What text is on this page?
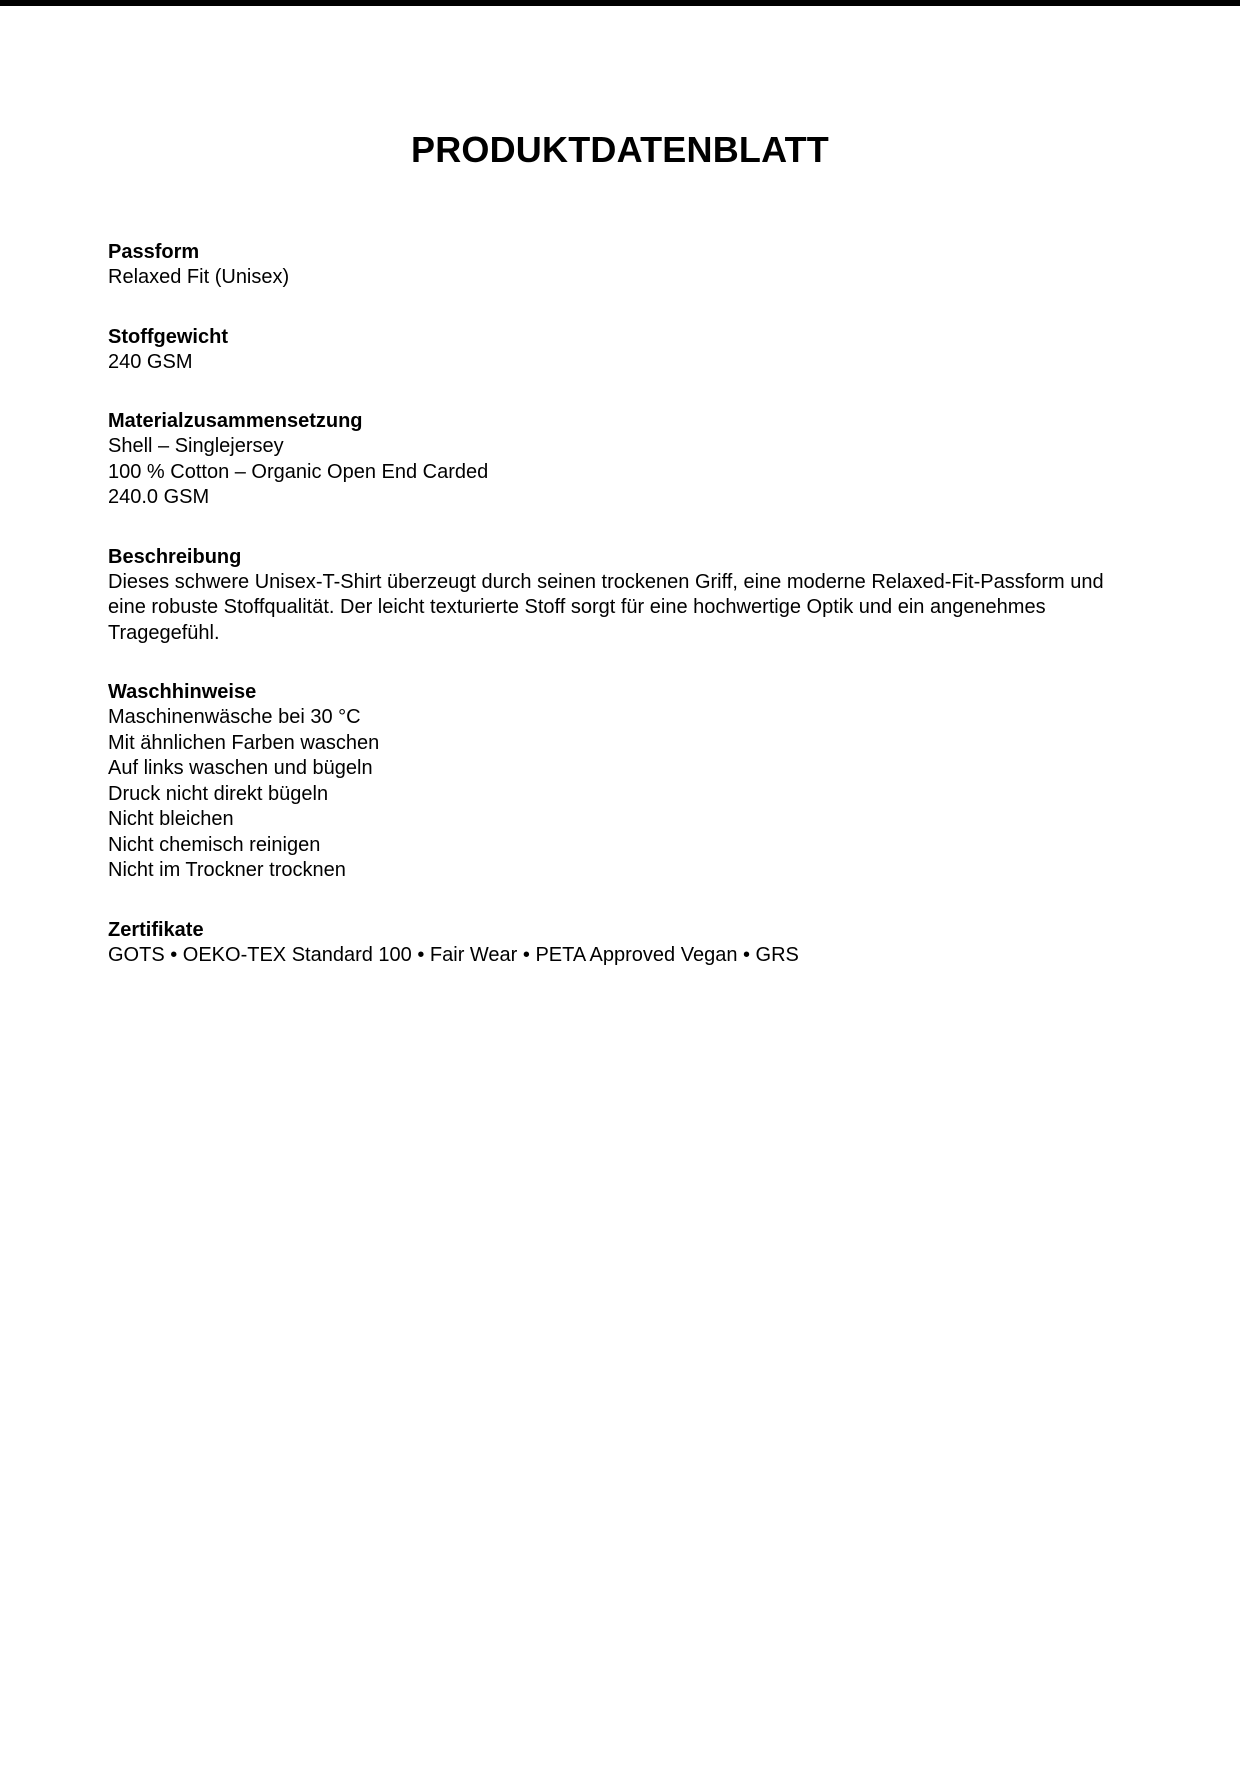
PRODUKTDATENBLATT

Passform

Relaxed Fit (Unisex)

Stoffgewicht

240 GSM

Materialzusammensetzung

Shell – Singlejersey

100 % Cotton – Organic Open End Carded

240.0 GSM

Beschreibung

Dieses schwere Unisex-T-Shirt überzeugt durch seinen trockenen Griff, eine moderne Relaxed-Fit-Passform und eine robuste Stoffqualität. Der leicht texturierte Stoff sorgt für eine hochwertige Optik und ein angenehmes Tragegefühl.

Waschhinweise

Maschinenwäsche bei 30 °C

Mit ähnlichen Farben waschen

Auf links waschen und bügeln

Druck nicht direkt bügeln

Nicht bleichen

Nicht chemisch reinigen

Nicht im Trockner trocknen

Zertifikate

GOTS • OEKO-TEX Standard 100 • Fair Wear • PETA Approved Vegan • GRS
